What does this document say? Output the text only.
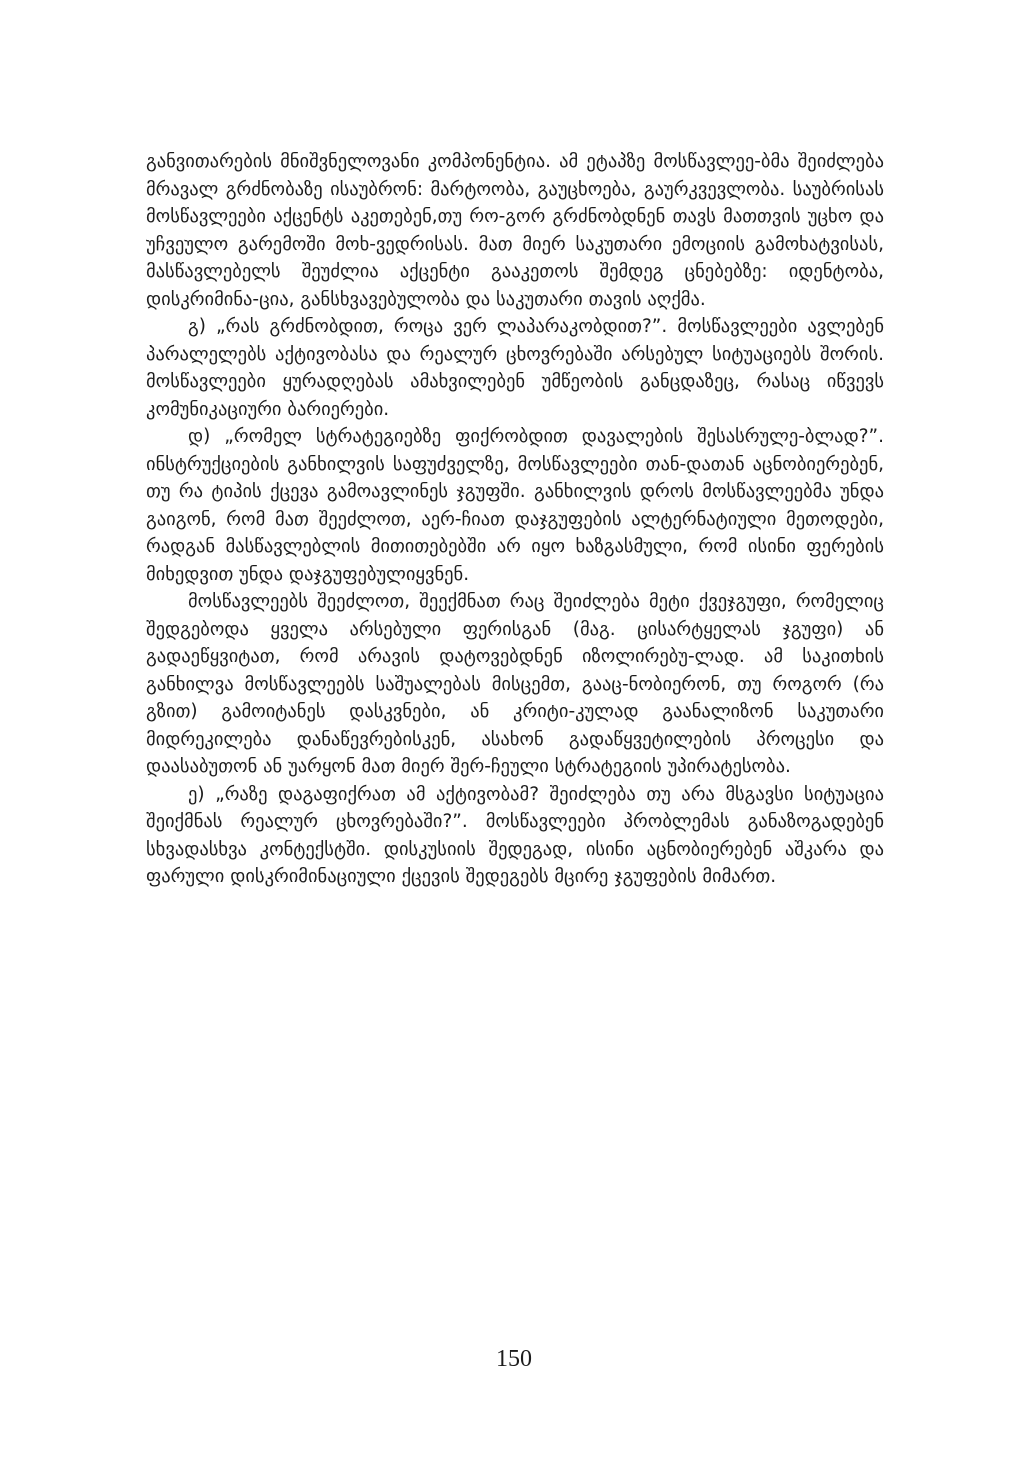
განვითარების მნიშვნელოვანი კომპონენტია. ამ ეტაპზე მოსწავლეე-ბმა შეიძლება მრავალ გრძნობაზე ისაუბრონ: მარტოობა, გაუცხოება, გაურკვევლობა. საუბრისას მოსწავლეები აქცენტს აკეთებენ,თუ რო-გორ გრძნობდნენ თავს მათთვის უცხო და უჩვეულო გარემოში მოხ-ვედრისას. მათ მიერ საკუთარი ემოციის გამოხატვისას, მასწავლებელს შეუძლია აქცენტი გააკეთოს შემდეგ ცნებებზე: იდენტობა, დისკრიმინა-ცია, განსხვავებულობა და საკუთარი თავის აღქმა.

გ) „რას გრძნობდით, როცა ვერ ლაპარაკობდით?”. მოსწავლეები ავლებენ პარალელებს აქტივობასა და რეალურ ცხოვრებაში არსებულ სიტუაციებს შორის. მოსწავლეები ყურადღებას ამახვილებენ უმწეობის განცდაზეც, რასაც იწვევს კომუნიკაციური ბარიერები.

დ) „რომელ სტრატეგიებზე ფიქრობდით დავალების შესასრულე-ბლად?”. ინსტრუქციების განხილვის საფუძველზე, მოსწავლეები თან-დათან აცნობიერებენ, თუ რა ტიპის ქცევა გამოავლინეს ჯგუფში. განხილვის დროს მოსწავლეებმა უნდა გაიგონ, რომ მათ შეეძლოთ, აერ-ჩიათ დაჯგუფების ალტერნატიული მეთოდები, რადგან მასწავლებლის მითითებებში არ იყო ხაზგასმული, რომ ისინი ფერების მიხედვით უნდა დაჯგუფებულიყვნენ.

მოსწავლეებს შეეძლოთ, შეექმნათ რაც შეიძლება მეტი ქვეჯგუფი, რომელიც შედგებოდა ყველა არსებული ფერისგან (მაგ. ცისარტყელას ჯგუფი) ან გადაეწყვიტათ, რომ არავის დატოვებდნენ იზოლირებუ-ლად. ამ საკითხის განხილვა მოსწავლეებს საშუალებას მისცემთ, გააც-ნობიერონ, თუ როგორ (რა გზით) გამოიტანეს დასკვნები, ან კრიტი-კულად გაანალიზონ საკუთარი მიდრეკილება დანაწევრებისკენ, ასახონ გადაწყვეტილების პროცესი და დაასაბუთონ ან უარყონ მათ მიერ შერ-ჩეული სტრატეგიის უპირატესობა.

ე) „რაზე დაგაფიქრათ ამ აქტივობამ? შეიძლება თუ არა მსგავსი სიტუაცია შეიქმნას რეალურ ცხოვრებაში?”. მოსწავლეები პრობლემას განაზოგადებენ სხვადასხვა კონტექსტში. დისკუსიის შედეგად, ისინი აცნობიერებენ აშკარა და ფარული დისკრიმინაციული ქცევის შედეგებს მცირე ჯგუფების მიმართ.

150
